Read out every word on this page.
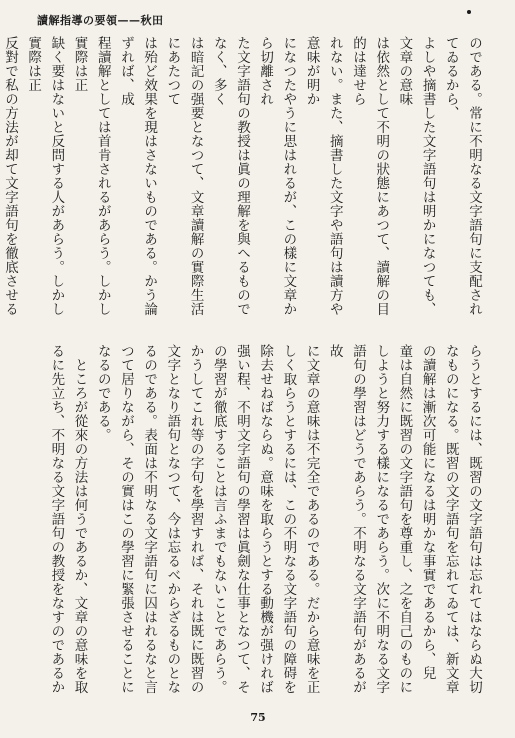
讀解指導の要領——秋田
のである。常に不明なる文字語句に支配されてゐるから、
よしや摘書した文字語句は明かになつても、文章の意味
は依然として不明の狀態にあつて、讀解の目的は達せら
れない。また、摘書した文字や語句は讀方や意味が明か
になつたやうに思はれるが、この樣に文章から切離され
た文字語句の教授は眞の理解を與へるものでなく、多く
は暗記の强要となつて、文章讀解の實際生活にあたつて
は殆ど效果を現はさないものである。かう論ずれば、成
程讀解としては首肯されるがあらう。しかし實際は正
缺く要はないと反問する人があらう。しかし實際は正
反對で私の方法が却て文字語句を徹底させる

らうとするには、既習の文字語句は忘れてはならぬ大切
なものになる。既習の文字語句を忘れてゐては、新文章
の讀解は漸次可能になるは明かな事實であるから、兒
童は自然に既習の文字語句を尊重し、之を自己のものに
しようと努力する樣になるであらう。次に不明なる文字
語句の學習はどうであらう。不明なる文字語句があるが故
に文章の意味は不完全であるのである。だから意味を正
しく取らうとするには、この不明なる文字語句の障碍を
除去せねばならぬ。意味を取らうとする動機が强ければ
强い程、不明文字語句の學習は眞劍な仕事となつて、そ
の學習が徹底することは言ふまでもないことであらう。
かうしてこれ等の字句を學習すれば、それは既に既習の
文字となり語句となつて、今は忘るべからざるものとな
るのである。表面は不明なる文字語句に囚はれるなと言
つて居りながら、その實はこの學習に緊張させることに
なるのである。
　ところが從來の方法は何うであるか、文章の意味を取
るに先立ち、不明なる文字語句の教授をなすのであるか
75
